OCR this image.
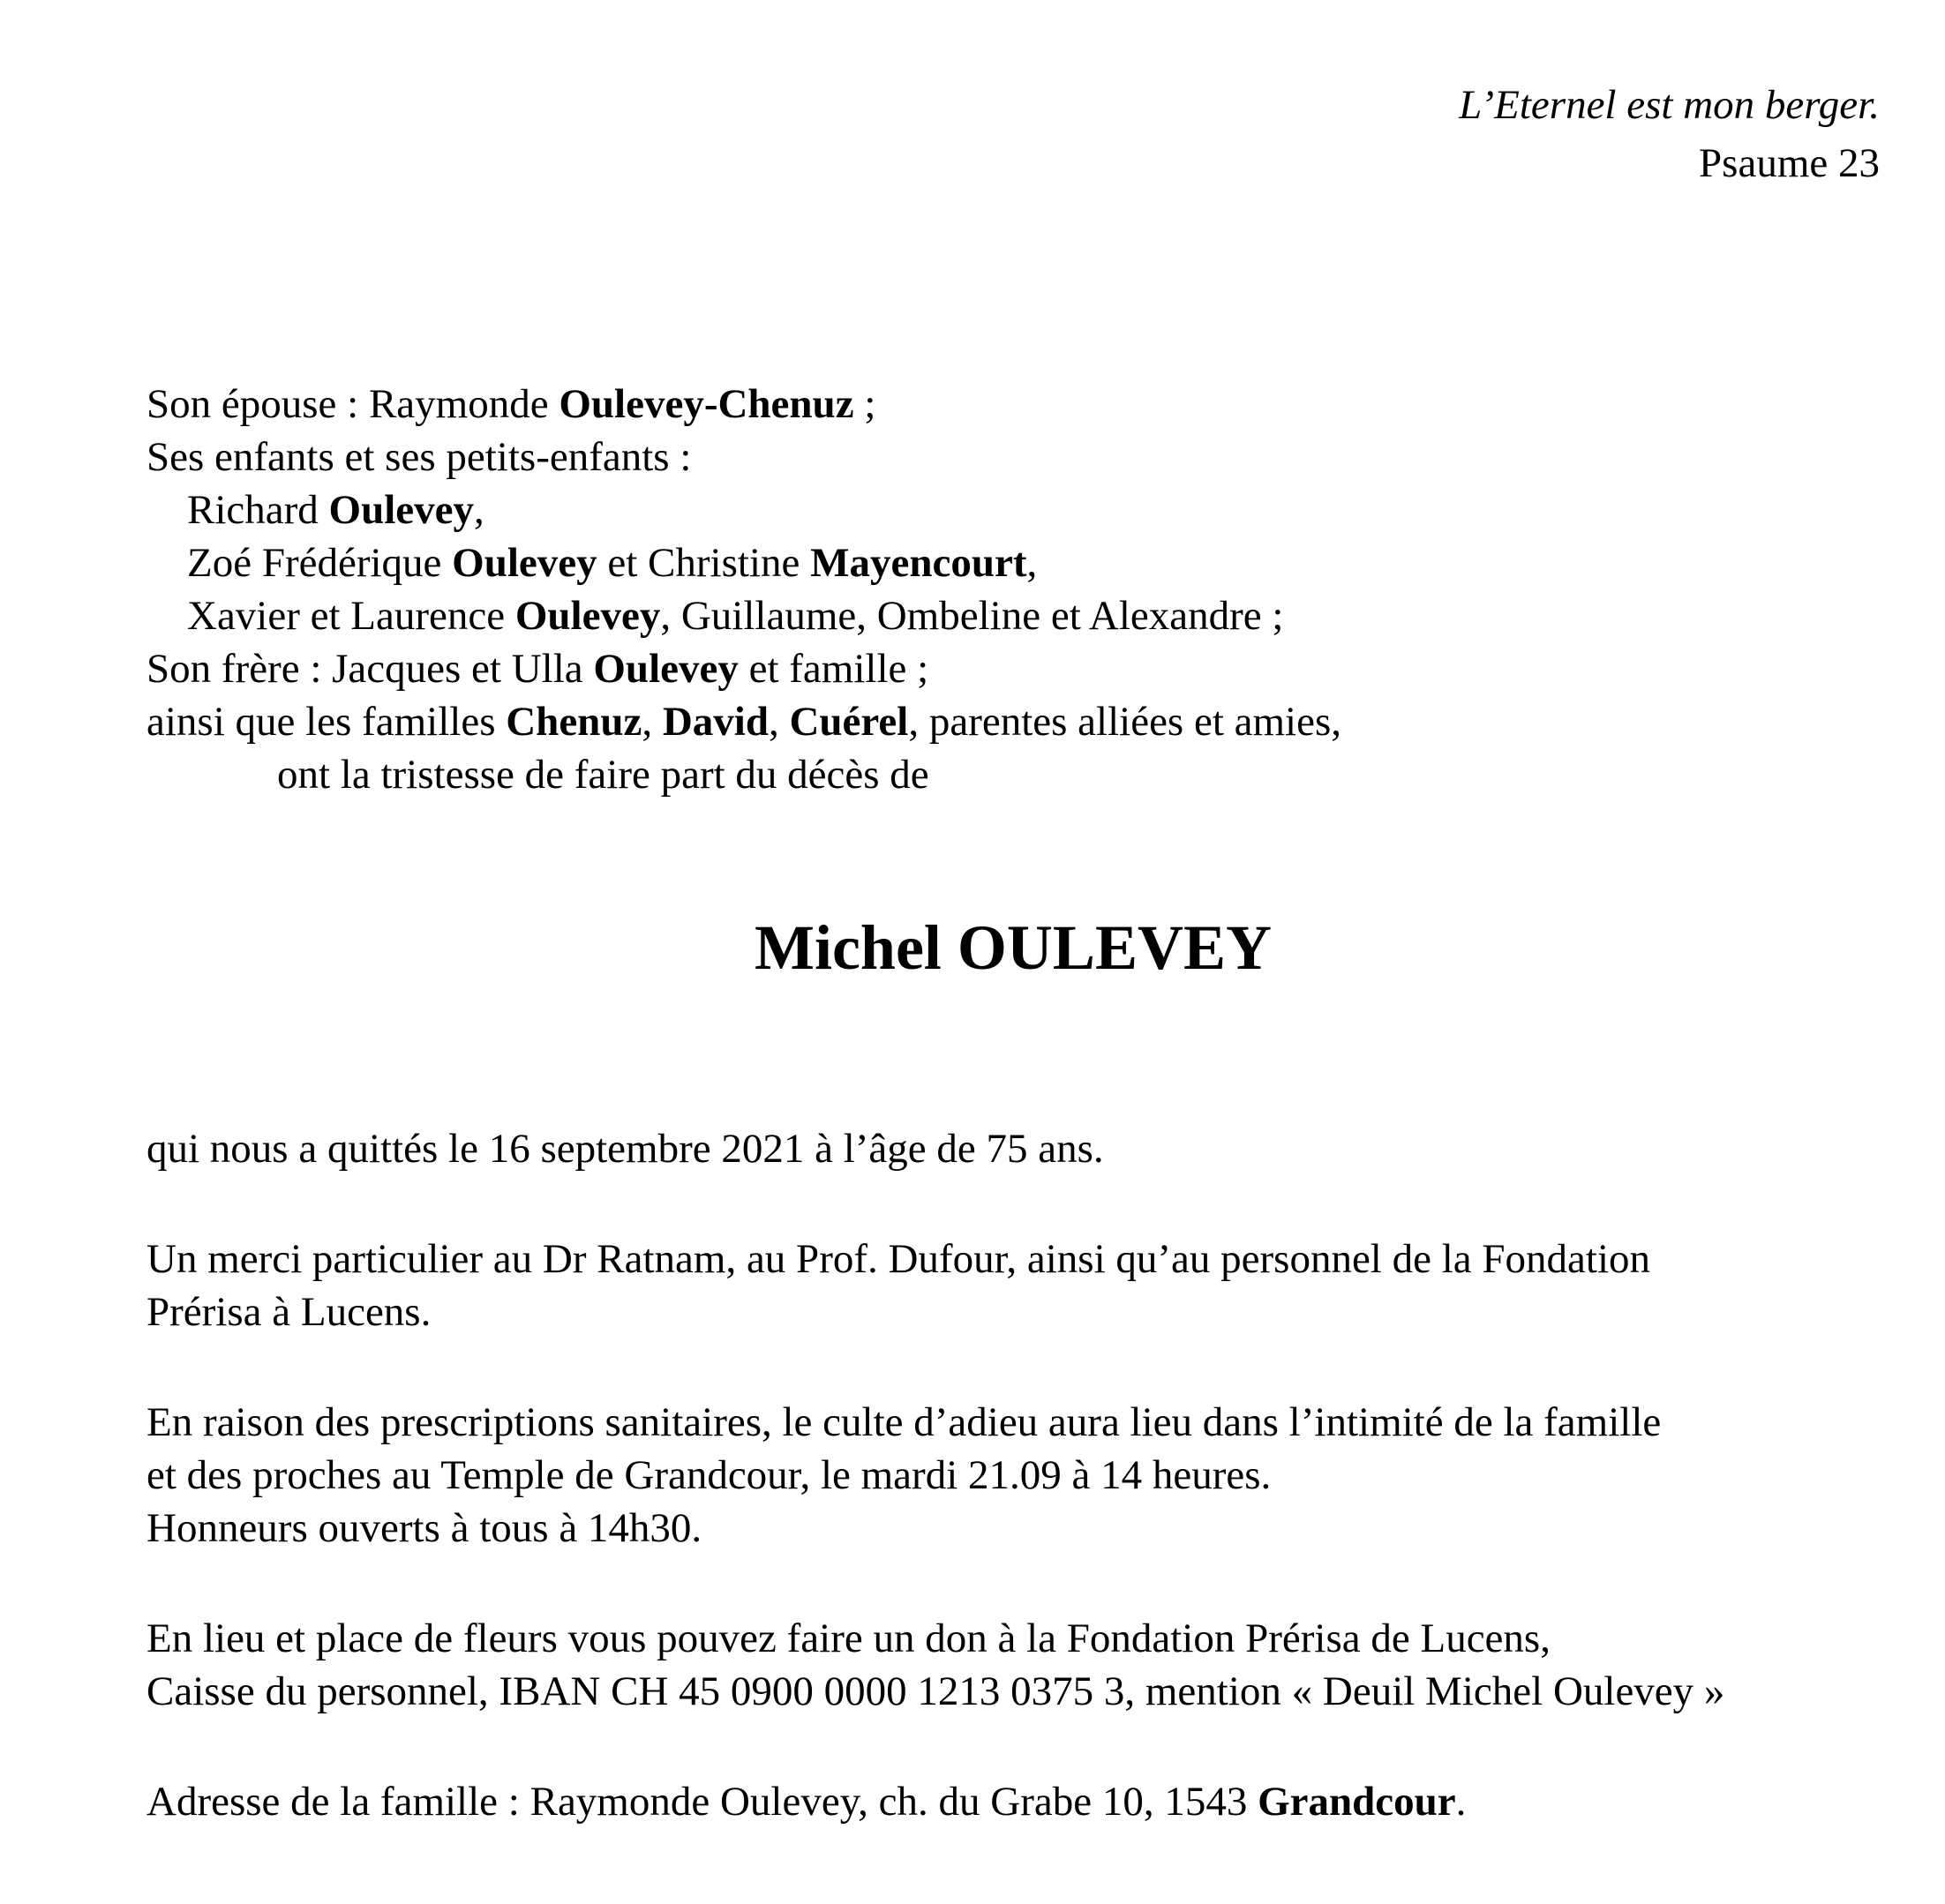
L’Eternel est mon berger.
Psaume 23
Son épouse : Raymonde Oulevey-Chenuz ;
Ses enfants et ses petits-enfants :
Richard Oulevey,
Zoé Frédérique Oulevey et Christine Mayencourt,
Xavier et Laurence Oulevey, Guillaume, Ombeline et Alexandre ;
Son frère : Jacques et Ulla Oulevey et famille ;
ainsi que les familles Chenuz, David, Cuérel, parentes alliées et amies,
ont la tristesse de faire part du décès de
Michel OULEVEY
qui nous a quittés le 16 septembre 2021 à l’âge de 75 ans.
Un merci particulier au Dr Ratnam, au Prof. Dufour, ainsi qu’au personnel de la Fondation
Prérisa à Lucens.
En raison des prescriptions sanitaires, le culte d’adieu aura lieu dans l’intimité de la famille
et des proches au Temple de Grandcour, le mardi 21.09 à 14 heures.
Honneurs ouverts à tous à 14h30.
En lieu et place de fleurs vous pouvez faire un don à la Fondation Prérisa de Lucens,
Caisse du personnel, IBAN CH 45 0900 0000 1213 0375 3, mention « Deuil Michel Oulevey »
Adresse de la famille : Raymonde Oulevey, ch. du Grabe 10, 1543 Grandcour.
